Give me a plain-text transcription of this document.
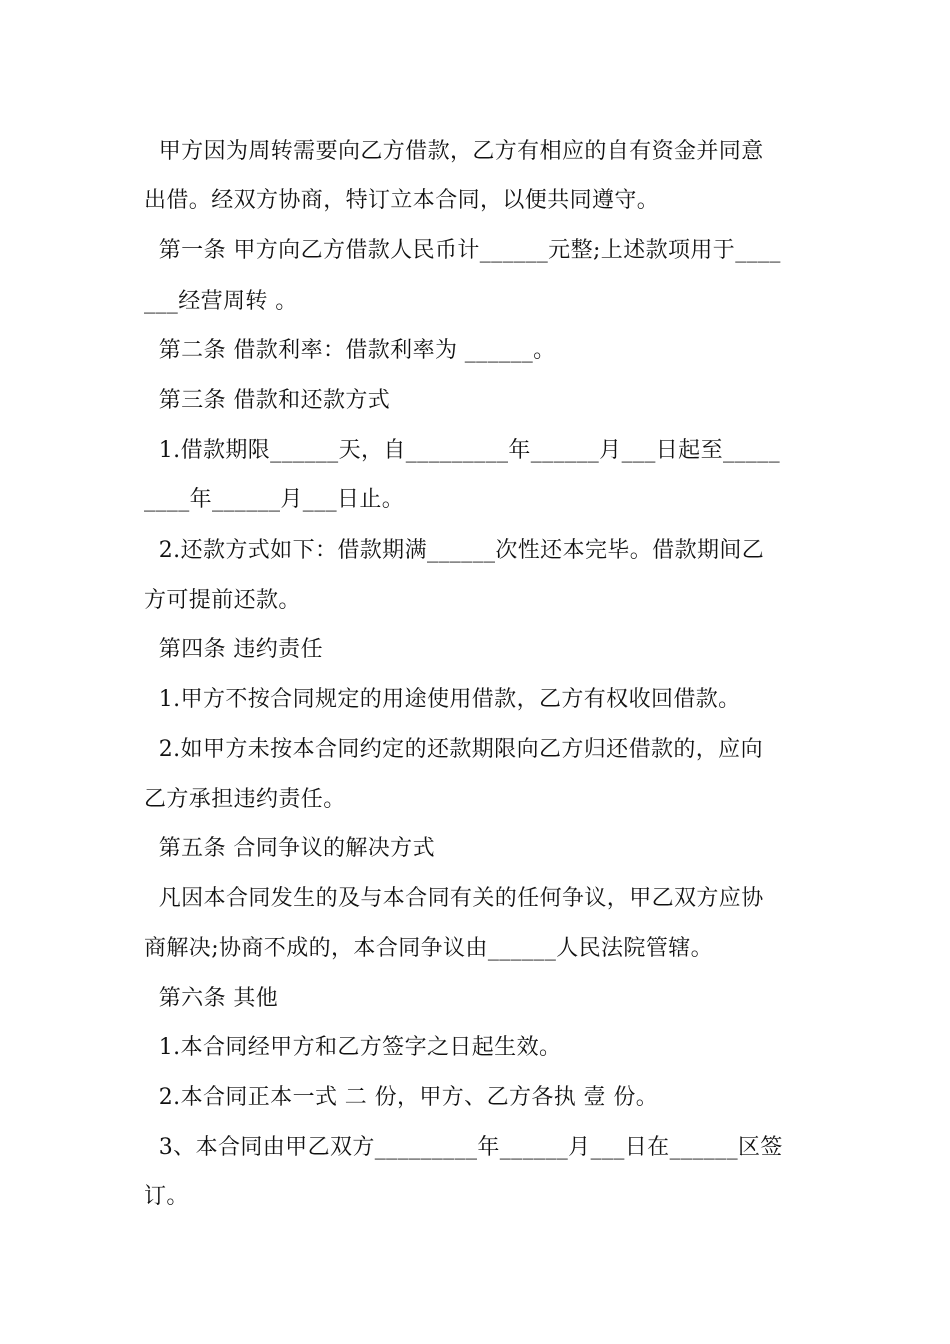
甲方因为周转需要向乙方借款，乙方有相应的自有资金并同意
出借。经双方协商，特订立本合同，以便共同遵守。
第一条 甲方向乙方借款人民币计______元整;上述款项用于____
___经营周转 。
第二条 借款利率：借款利率为 ______。
第三条 借款和还款方式
1.借款期限______天，自_________年______月___日起至_____
____年______月___日止。
2.还款方式如下：借款期满______次性还本完毕。借款期间乙
方可提前还款。
第四条 违约责任
1.甲方不按合同规定的用途使用借款，乙方有权收回借款。
2.如甲方未按本合同约定的还款期限向乙方归还借款的，应向
乙方承担违约责任。
第五条 合同争议的解决方式
凡因本合同发生的及与本合同有关的任何争议，甲乙双方应协
商解决;协商不成的，本合同争议由______人民法院管辖。
第六条 其他
1.本合同经甲方和乙方签字之日起生效。
2.本合同正本一式 二 份，甲方、乙方各执 壹 份。
3、本合同由甲乙双方_________年______月___日在______区签
订。
